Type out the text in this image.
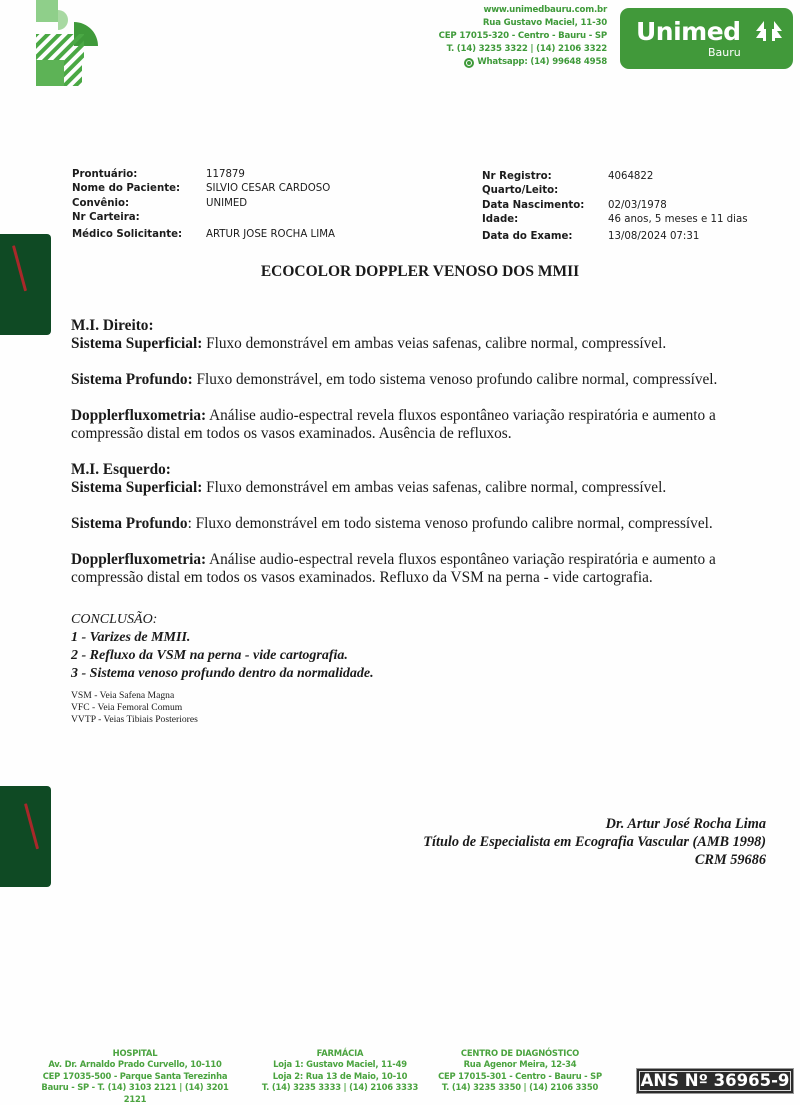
www.unimedbauru.com.br
Rua Gustavo Maciel, 11-30
CEP 17015-320 - Centro - Bauru - SP
T. (14) 3235 3322 | (14) 2106 3322
Whatsapp: (14) 99648 4958
Unimed
Bauru
Prontuário:
Nome do Paciente:
Convênio:
Nr Carteira:
Médico Solicitante:
117879
SILVIO CESAR CARDOSO
UNIMED
ARTUR JOSE ROCHA LIMA
Nr Registro:
Quarto/Leito:
Data Nascimento:
Idade:
Data do Exame:
4064822
02/03/1978
46 anos, 5 meses e 11 dias
13/08/2024 07:31
ECOCOLOR DOPPLER VENOSO DOS MMII

M.I. Direito:

Sistema Superficial: Fluxo demonstrável em ambas veias safenas, calibre normal, compressível.

Sistema Profundo: Fluxo demonstrável, em todo sistema venoso profundo calibre normal, compressível.

Dopplerfluxometria: Análise audio-espectral revela fluxos espontâneo variação respiratória e aumento a compressão distal em todos os vasos examinados. Ausência de refluxos.

M.I. Esquerdo:

Sistema Superficial: Fluxo demonstrável em ambas veias safenas, calibre normal, compressível.

Sistema Profundo: Fluxo demonstrável em todo sistema venoso profundo calibre normal, compressível.

Dopplerfluxometria: Análise audio-espectral revela fluxos espontâneo variação respiratória e aumento a compressão distal em todos os vasos examinados. Refluxo da VSM na perna - vide cartografia.

CONCLUSÃO:
1 - Varizes de MMII.
2 - Refluxo da VSM na perna - vide cartografia.
3 - Sistema venoso profundo dentro da normalidade.
VSM - Veia Safena Magna
VFC - Veia Femoral Comum
VVTP - Veias Tibiais Posteriores
Dr. Artur José Rocha Lima
Título de Especialista em Ecografia Vascular (AMB 1998)
CRM 59686
HOSPITAL
Av. Dr. Arnaldo Prado Curvello, 10-110
CEP 17035-500 - Parque Santa Terezinha
Bauru - SP - T. (14) 3103 2121 | (14) 3201 2121
FARMÁCIA
Loja 1: Gustavo Maciel, 11-49
Loja 2: Rua 13 de Maio, 10-10
T. (14) 3235 3333 | (14) 2106 3333
CENTRO DE DIAGNÓSTICO
Rua Agenor Meira, 12-34
CEP 17015-301 - Centro - Bauru - SP
T. (14) 3235 3350 | (14) 2106 3350	ANS Nº 36965-9
